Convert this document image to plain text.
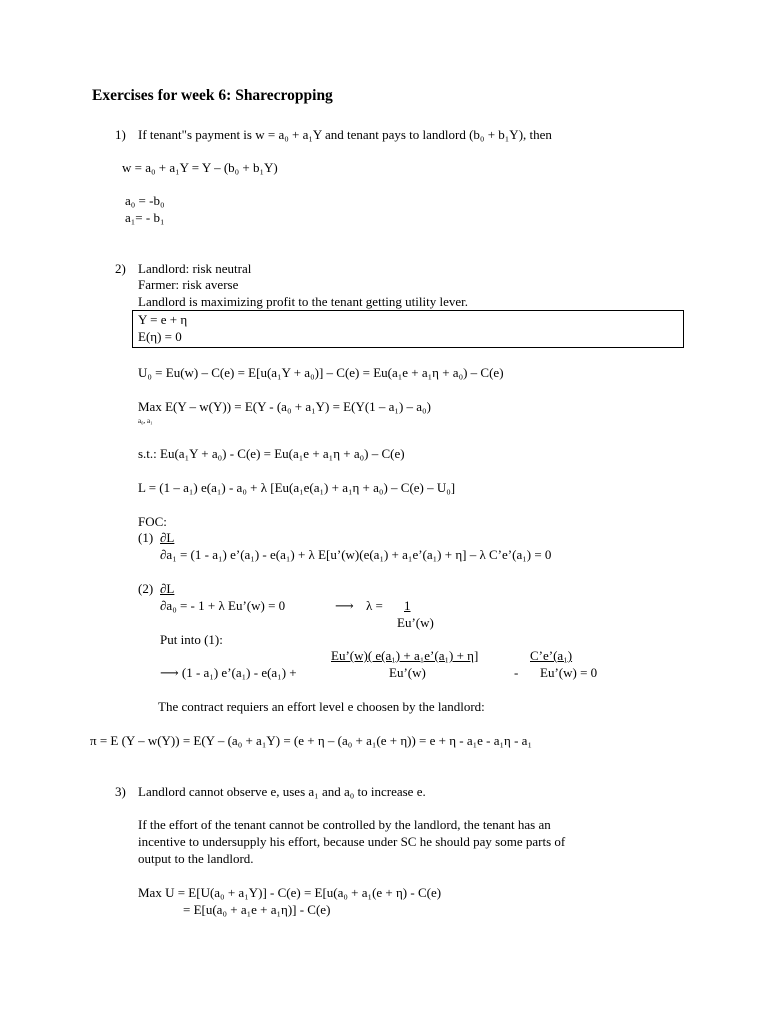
Exercises for week 6: Sharecropping
1) If tenant"s payment is w = a₀ + a₁Y and tenant pays to landlord (b₀ + b₁Y), then
w = a₀ + a₁Y = Y – (b₀ + b₁Y)
a₀ = -b₀
a₁= - b₁
2) Landlord: risk neutral
Farmer: risk averse
Landlord is maximizing profit to the tenant getting utility lever.
Y = e + η
E(η) = 0
U₀ = Eu(w) – C(e) = E[u(a₁Y + a₀)] – C(e) = Eu(a₁e + a₁η + a₀) – C(e)
Max E(Y – w(Y)) = E(Y - (a₀ + a₁Y) = E(Y(1 – a₁) – a₀)
a₀, a₁
s.t.: Eu(a₁Y + a₀) - C(e) = Eu(a₁e + a₁η + a₀) – C(e)
L = (1 – a₁) e(a₁) - a₀ + λ [Eu(a₁e(a₁) + a₁η + a₀) – C(e) – U₀]
FOC:
(1) ∂L
∂a₁ = (1 - a₁) e’(a₁) - e(a₁) + λ E[u’(w)(e(a₁) + a₁e’(a₁) + η] – λ C’e’(a₁) = 0
(2) ∂L
∂a₀ = - 1 + λ Eu’(w) = 0	⟶ λ = 1
Eu’(w)
Put into (1):
Eu’(w)( e(a₁) + a₁e’(a₁) + η]	C’e’(a₁)
⟶ (1 - a₁) e’(a₁) - e(a₁) +	Eu’(w)	- Eu’(w) = 0
The contract requiers an effort level e choosen by the landlord:
π = E (Y – w(Y)) = E(Y – (a₀ + a₁Y) = (e + η – (a₀ + a₁(e + η)) = e + η - a₁e - a₁η - a₁
3) Landlord cannot observe e, uses a₁ and a₀ to increase e.
If the effort of the tenant cannot be controlled by the landlord, the tenant has an
incentive to undersupply his effort, because under SC he should pay some parts of
output to the landlord.
Max U = E[U(a₀ + a₁Y)] - C(e) = E[u(a₀ + a₁(e + η) - C(e)
= E[u(a₀ + a₁e + a₁η)] - C(e)
